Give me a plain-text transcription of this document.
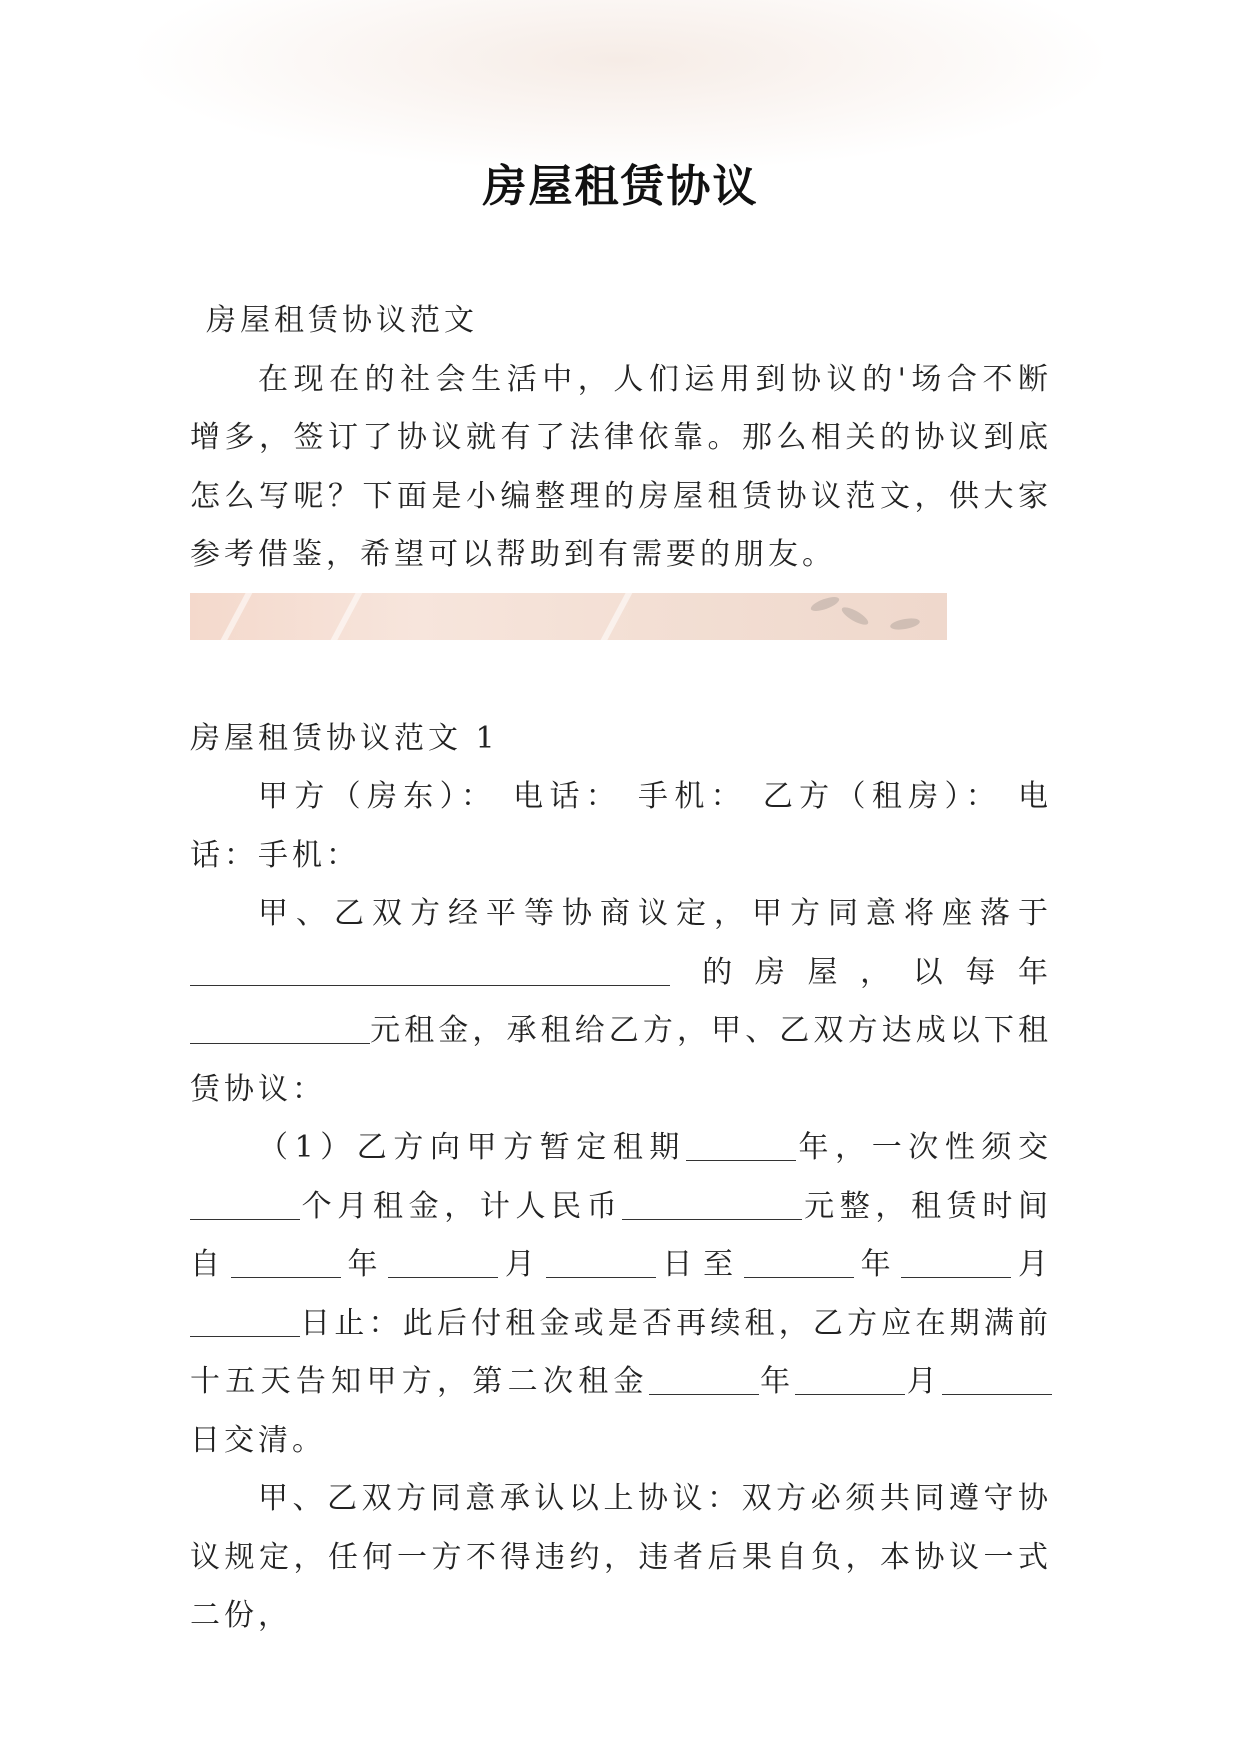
房屋租赁协议

房屋租赁协议范文

在现在的社会生活中，人们运用到协议的'场合不断增多，签订了协议就有了法律依靠。那么相关的协议到底怎么写呢？下面是小编整理的房屋租赁协议范文，供大家参考借鉴，希望可以帮助到有需要的朋友。

房屋租赁协议范文 1

甲方（房东）： 电话： 手机： 乙方（租房）： 电话：手机：

甲、乙双方经平等协商议定，甲方同意将座落于  的房屋，以每年 元租金，承租给乙方，甲、乙双方达成以下租赁协议：

（1）乙方向甲方暂定租期	年，一次性须交个月租金，计人民币	元整，租赁时间自	年	月	日至	年	月日止：此后付租金或是否再续租，乙方应在期满前十五天告知甲方，第二次租金	年	月日交清。

甲、乙双方同意承认以上协议：双方必须共同遵守协议规定，任何一方不得违约，违者后果自负，本协议一式二份，
